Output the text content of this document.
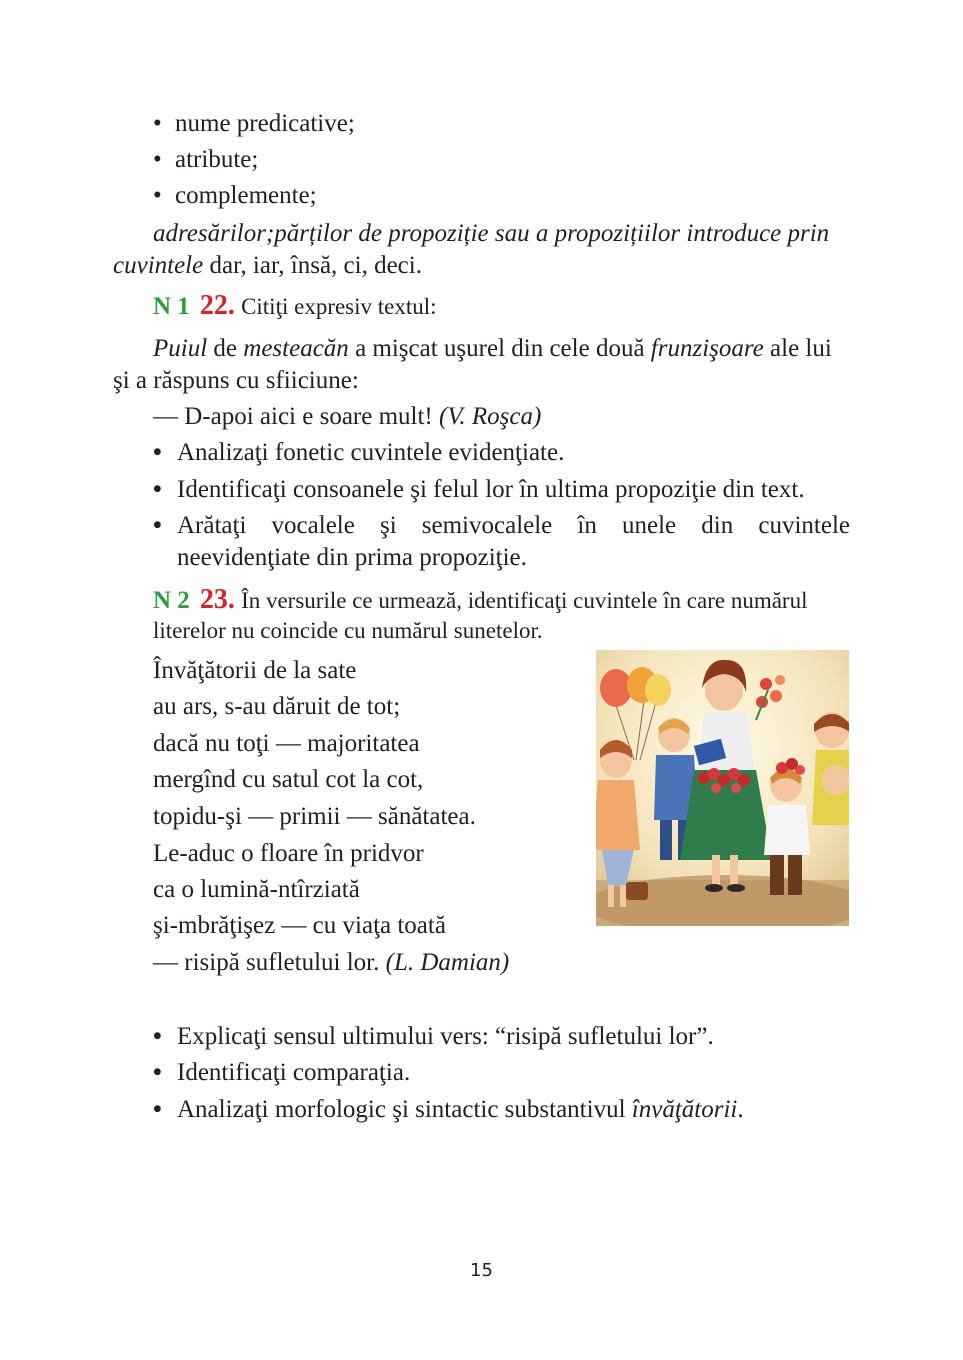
• nume predicative;
• atribute;
• complemente;
adresărilor;părților de propoziție sau a propozițiilor introduce prin
cuvintele dar, iar, însă, ci, deci.
N 1 22. Citiţi expresiv textul:
Puiul de mesteacăn a mişcat uşurel din cele două frunzişoare ale lui
şi a răspuns cu sfiiciune:
— D-apoi aici e soare mult! (V. Roşca)
• Analizaţi fonetic cuvintele evidenţiate.
• Identificaţi consoanele şi felul lor în ultima propoziţie din text.
• Arătaţi vocalele şi semivocalele în unele din cuvintele
neevidenţiate din prima propoziţie.
N 2 23. În versurile ce urmează, identificaţi cuvintele în care numărul
literelor nu coincide cu numărul sunetelor.
Învăţătorii de la sate
au ars, s-au dăruit de tot;
dacă nu toţi — majoritatea
mergînd cu satul cot la cot,
topidu-şi — primii — sănătatea.
Le-aduc o floare în pridvor
ca o lumină-ntîrziată
şi-mbrăţişez — cu viaţa toată
— risipă sufletului lor. (L. Damian)
• Explicaţi sensul ultimului vers: “risipă sufletului lor”.
• Identificaţi comparaţia.
• Analizaţi morfologic şi sintactic substantivul învăţătorii.
15
